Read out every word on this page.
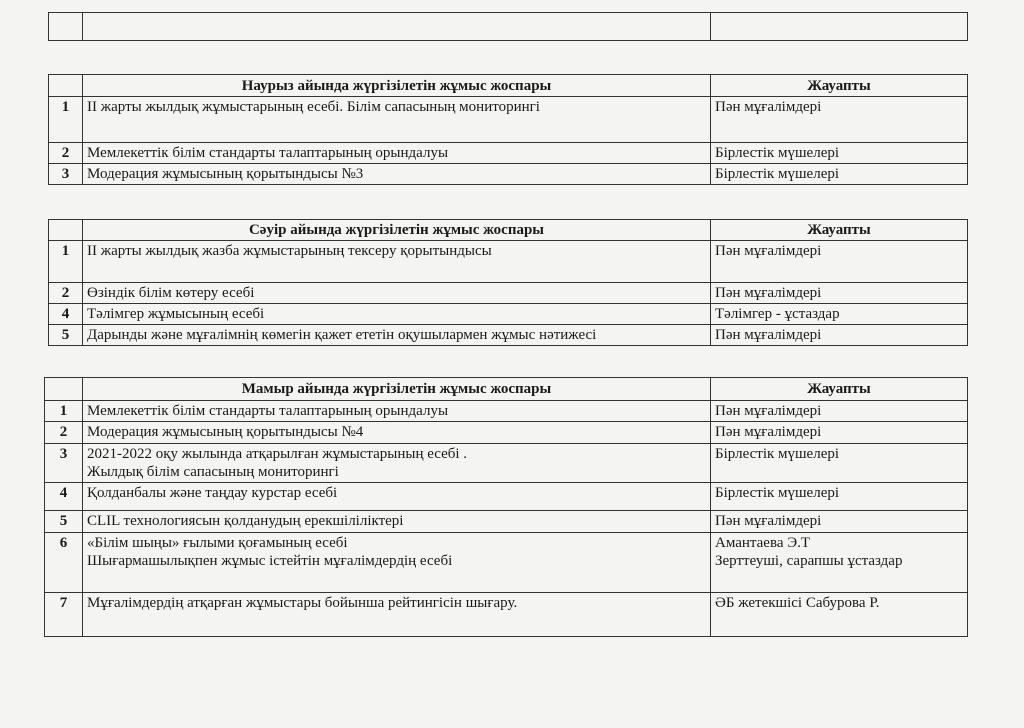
	Наурыз айында жүргізілетін жұмыс жоспары	Жауапты
1	ІІ жарты жылдық жұмыстарының есебі. Білім сапасының мониторингі	Пән мұғалімдері
2	Мемлекеттік білім стандарты талаптарының орындалуы	Бірлестік мүшелері
3	Модерация жұмысының қорытындысы №3	Бірлестік мүшелері
	Сәуір айында жүргізілетін жұмыс жоспары	Жауапты
1	ІІ жарты жылдық жазба жұмыстарының тексеру қорытындысы	Пән мұғалімдері
2	Өзіндік білім көтеру есебі	Пән мұғалімдері
4	Тәлімгер жұмысының есебі	Тәлімгер - ұстаздар
5	Дарынды және мұғалімнің көмегін қажет ететін оқушылармен жұмыс нәтижесі	Пән мұғалімдері
	Мамыр айында жүргізілетін жұмыс жоспары	Жауапты
1	Мемлекеттік білім стандарты талаптарының орындалуы	Пән мұғалімдері
2	Модерация жұмысының қорытындысы №4	Пән мұғалімдері
3	2021-2022 оқу жылында атқарылған жұмыстарының есебі .
Жылдық білім сапасының мониторингі	Бірлестік мүшелері
4	Қолданбалы және таңдау курстар есебі	Бірлестік мүшелері
5	CLIL технологиясын қолданудың ерекшіліліктері	Пән мұғалімдері
6	«Білім шыңы» ғылыми қоғамының есебі
Шығармашылықпен жұмыс істейтін мұғалімдердің есебі	Амантаева Э.Т
Зерттеуші, сарапшы ұстаздар
7	Мұғалімдердің атқарған жұмыстары бойынша рейтингісін шығару.	ӘБ жетекшісі Сабурова Р.
